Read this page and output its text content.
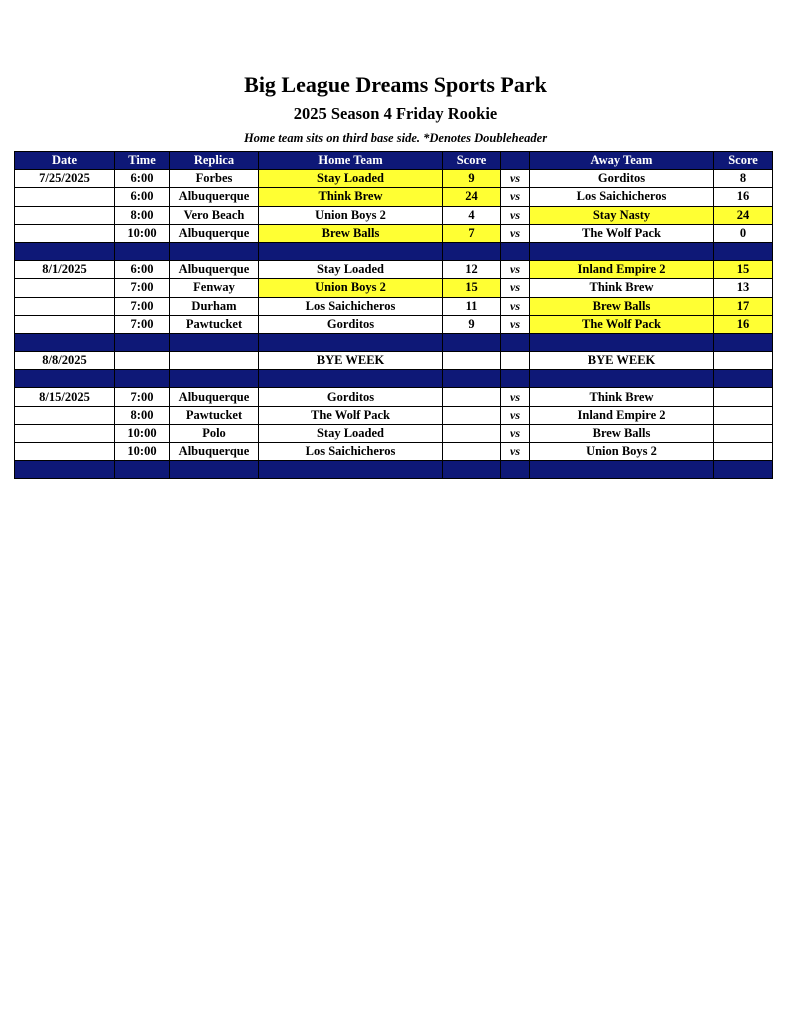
Big League Dreams Sports Park
2025 Season 4 Friday Rookie
Home team sits on third base side. *Denotes Doubleheader
Date	Time	Replica	Home Team	Score		Away Team	Score
7/25/2025	6:00	Forbes	Stay Loaded	9	vs	Gorditos	8
	6:00	Albuquerque	Think Brew	24	vs	Los Saichicheros	16
	8:00	Vero Beach	Union Boys 2	4	vs	Stay Nasty	24
	10:00	Albuquerque	Brew Balls	7	vs	The Wolf Pack	0

8/1/2025	6:00	Albuquerque	Stay Loaded	12	vs	Inland Empire 2	15
	7:00	Fenway	Union Boys 2	15	vs	Think Brew	13
	7:00	Durham	Los Saichicheros	11	vs	Brew Balls	17
	7:00	Pawtucket	Gorditos	9	vs	The Wolf Pack	16

8/8/2025			BYE WEEK			BYE WEEK	

8/15/2025	7:00	Albuquerque	Gorditos		vs	Think Brew	
	8:00	Pawtucket	The Wolf Pack		vs	Inland Empire 2	
	10:00	Polo	Stay Loaded		vs	Brew Balls	
	10:00	Albuquerque	Los Saichicheros		vs	Union Boys 2	
